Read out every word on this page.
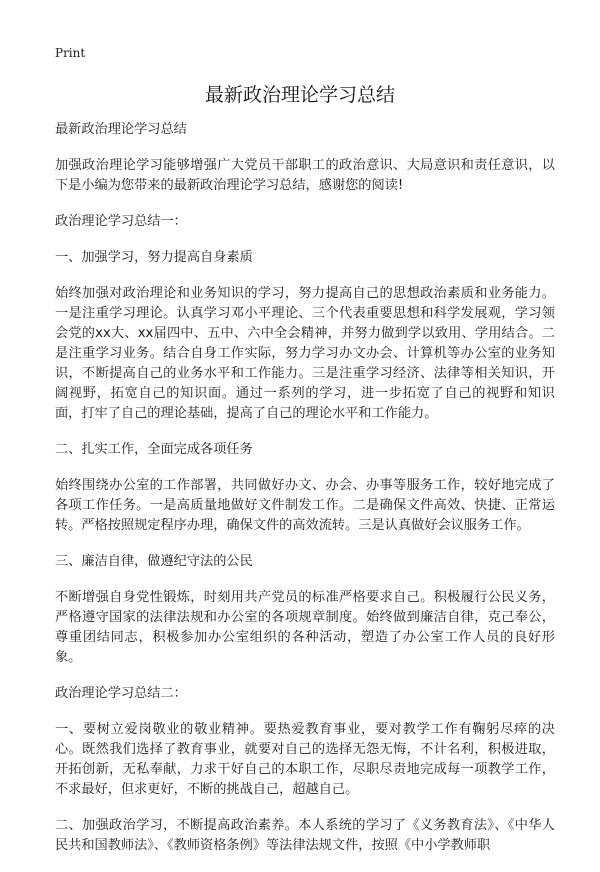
Print
最新政治理论学习总结

最新政治理论学习总结

加强政治理论学习能够增强广大党员干部职工的政治意识、大局意识和责任意识，以下是小编为您带来的最新政治理论学习总结，感谢您的阅读!

政治理论学习总结一：

一、加强学习，努力提高自身素质

始终加强对政治理论和业务知识的学习，努力提高自己的思想政治素质和业务能力。一是注重学习理论。认真学习邓小平理论、三个代表重要思想和科学发展观，学习领会党的xx大、xx届四中、五中、六中全会精神，并努力做到学以致用、学用结合。二是注重学习业务。结合自身工作实际，努力学习办文办会、计算机等办公室的业务知识，不断提高自己的业务水平和工作能力。三是注重学习经济、法律等相关知识，开阔视野，拓宽自己的知识面。通过一系列的学习，进一步拓宽了自己的视野和知识面，打牢了自己的理论基础，提高了自己的理论水平和工作能力。

二、扎实工作，全面完成各项任务

始终围绕办公室的工作部署，共同做好办文、办会、办事等服务工作，较好地完成了各项工作任务。一是高质量地做好文件制发工作。二是确保文件高效、快捷、正常运转。严格按照规定程序办理，确保文件的高效流转。三是认真做好会议服务工作。

三、廉洁自律，做遵纪守法的公民

不断增强自身党性锻炼，时刻用共产党员的标准严格要求自己。积极履行公民义务，严格遵守国家的法律法规和办公室的各项规章制度。始终做到廉洁自律，克己奉公，尊重团结同志，积极参加办公室组织的各种活动，塑造了办公室工作人员的良好形象。

政治理论学习总结二：

一、要树立爱岗敬业的敬业精神。要热爱教育事业，要对教学工作有鞠躬尽瘁的决心。既然我们选择了教育事业，就要对自己的选择无怨无悔，不计名利，积极进取，开拓创新，无私奉献，力求干好自己的本职工作，尽职尽责地完成每一项教学工作，不求最好，但求更好，不断的挑战自己，超越自己。

二、加强政治学习，不断提高政治素养。本人系统的学习了《义务教育法》、《中华人民共和国教师法》、《教师资格条例》等法律法规文件，按照《中小学教师职
